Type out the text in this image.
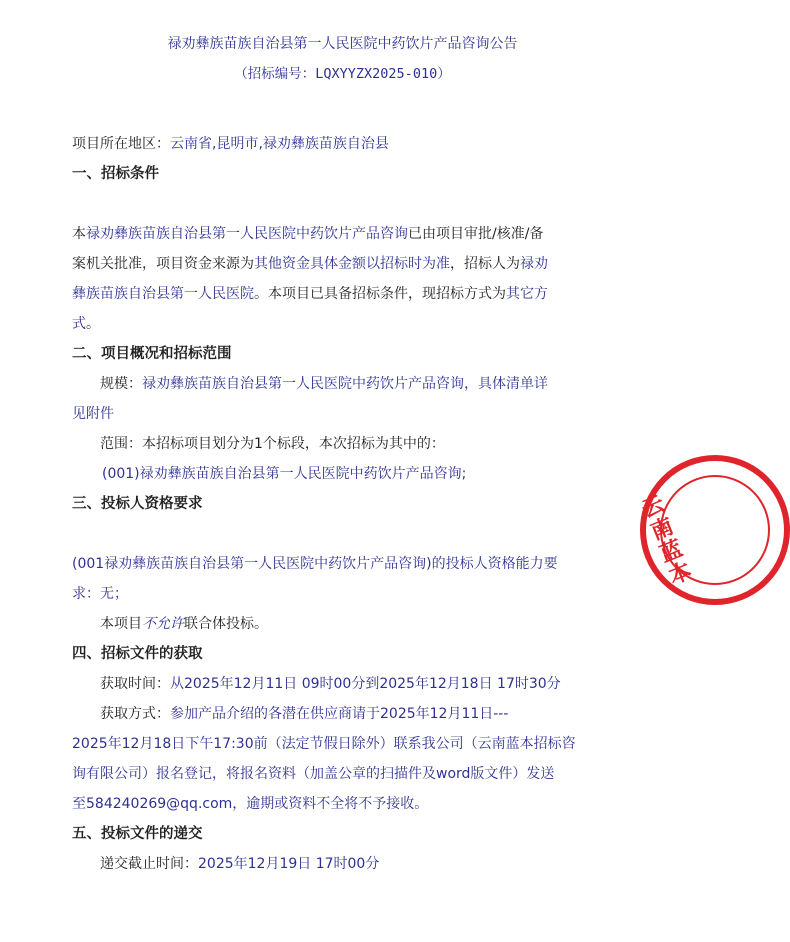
禄劝彝族苗族自治县第一人民医院中药饮片产品咨询公告
（招标编号：LQXYYZX2025-010）
项目所在地区：云南省,昆明市,禄劝彝族苗族自治县
一、招标条件
本禄劝彝族苗族自治县第一人民医院中药饮片产品咨询已由项目审批/核准/备
案机关批准，项目资金来源为其他资金具体金额以招标时为准，招标人为禄劝
彝族苗族自治县第一人民医院。本项目已具备招标条件，现招标方式为其它方
式。
二、项目概况和招标范围
规模：禄劝彝族苗族自治县第一人民医院中药饮片产品咨询，具体清单详
见附件
范围：本招标项目划分为1个标段，本次招标为其中的：
(001)禄劝彝族苗族自治县第一人民医院中药饮片产品咨询;
三、投标人资格要求
(001禄劝彝族苗族自治县第一人民医院中药饮片产品咨询)的投标人资格能力要
求：无；
本项目不允许联合体投标。
四、招标文件的获取
获取时间：从2025年12月11日 09时00分到2025年12月18日 17时30分
获取方式：参加产品介绍的各潜在供应商请于2025年12月11日---
2025年12月18日下午17:30前（法定节假日除外）联系我公司（云南蓝本招标咨
询有限公司）报名登记，将报名资料（加盖公章的扫描件及word版文件）发送
至584240269@qq.com，逾期或资料不全将不予接收。
五、投标文件的递交
递交截止时间：2025年12月19日 17时00分
云南蓝本
